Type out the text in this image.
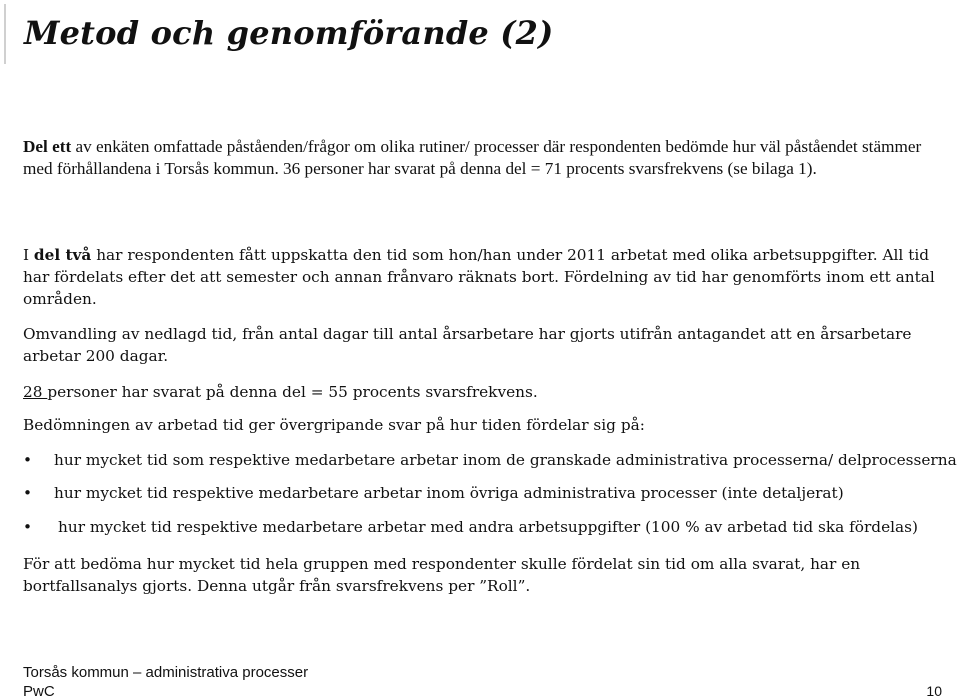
Metod och genomförande (2)

Del ett av enkäten omfattade påståenden/frågor om olika rutiner/ processer där respondenten bedömde hur väl påståendet stämmer med förhållandena i Torsås kommun. 36 personer har svarat på denna del = 71 procents svarsfrekvens (se bilaga 1).

I del två har respondenten fått uppskatta den tid som hon/han under 2011 arbetat med olika arbetsuppgifter. All tid har fördelats efter det att semester och annan frånvaro räknats bort. Fördelning av tid har genomförts inom ett antal områden.

Omvandling av nedlagd tid, från antal dagar till antal årsarbetare har gjorts utifrån antagandet att en årsarbetare arbetar 200 dagar.

28 personer har svarat på denna del = 55 procents svarsfrekvens.

Bedömningen av arbetad tid ger övergripande svar på hur tiden fördelar sig på:

• hur mycket tid som respektive medarbetare arbetar inom de granskade administrativa processerna/ delprocesserna
• hur mycket tid respektive medarbetare arbetar inom övriga administrativa processer (inte detaljerat)
• hur mycket tid respektive medarbetare arbetar med andra arbetsuppgifter (100 % av arbetad tid ska fördelas)

För att bedöma hur mycket tid hela gruppen med respondenter skulle fördelat sin tid om alla svarat, har en bortfallsanalys gjorts. Denna utgår från svarsfrekvens per ”Roll”.

Torsås kommun – administrativa processer
PwC	10
